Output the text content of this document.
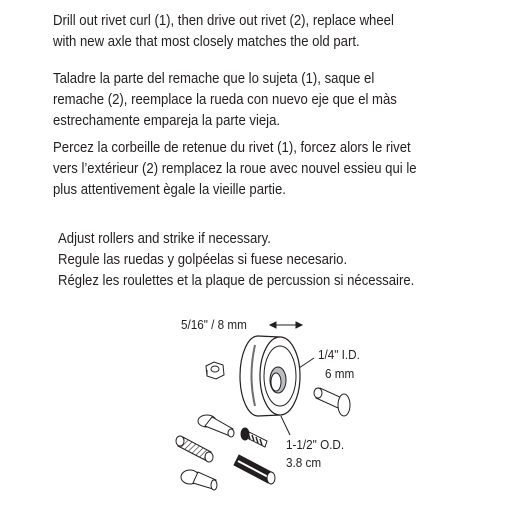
Drill out rivet curl (1), then drive out rivet (2), replace wheel
with new axle that most closely matches the old part.

Taladre la parte del remache que lo sujeta (1), saque el
remache (2), reemplace la rueda con nuevo eje que el màs
estrechamente empareja la parte vieja.

Percez la corbeille de retenue du rivet (1), forcez alors le rivet
vers l’extérieur (2) remplacez la roue avec nouvel essieu qui le
plus attentivement ègale la vieille partie.

Adjust rollers and strike if necessary.
Regule las ruedas y golpéelas si fuese necesario.
Réglez les roulettes et la plaque de percussion si nécessaire.

5/16" / 8 mm
1/4" I.D.
6 mm
1-1/2" O.D.
3.8 cm
